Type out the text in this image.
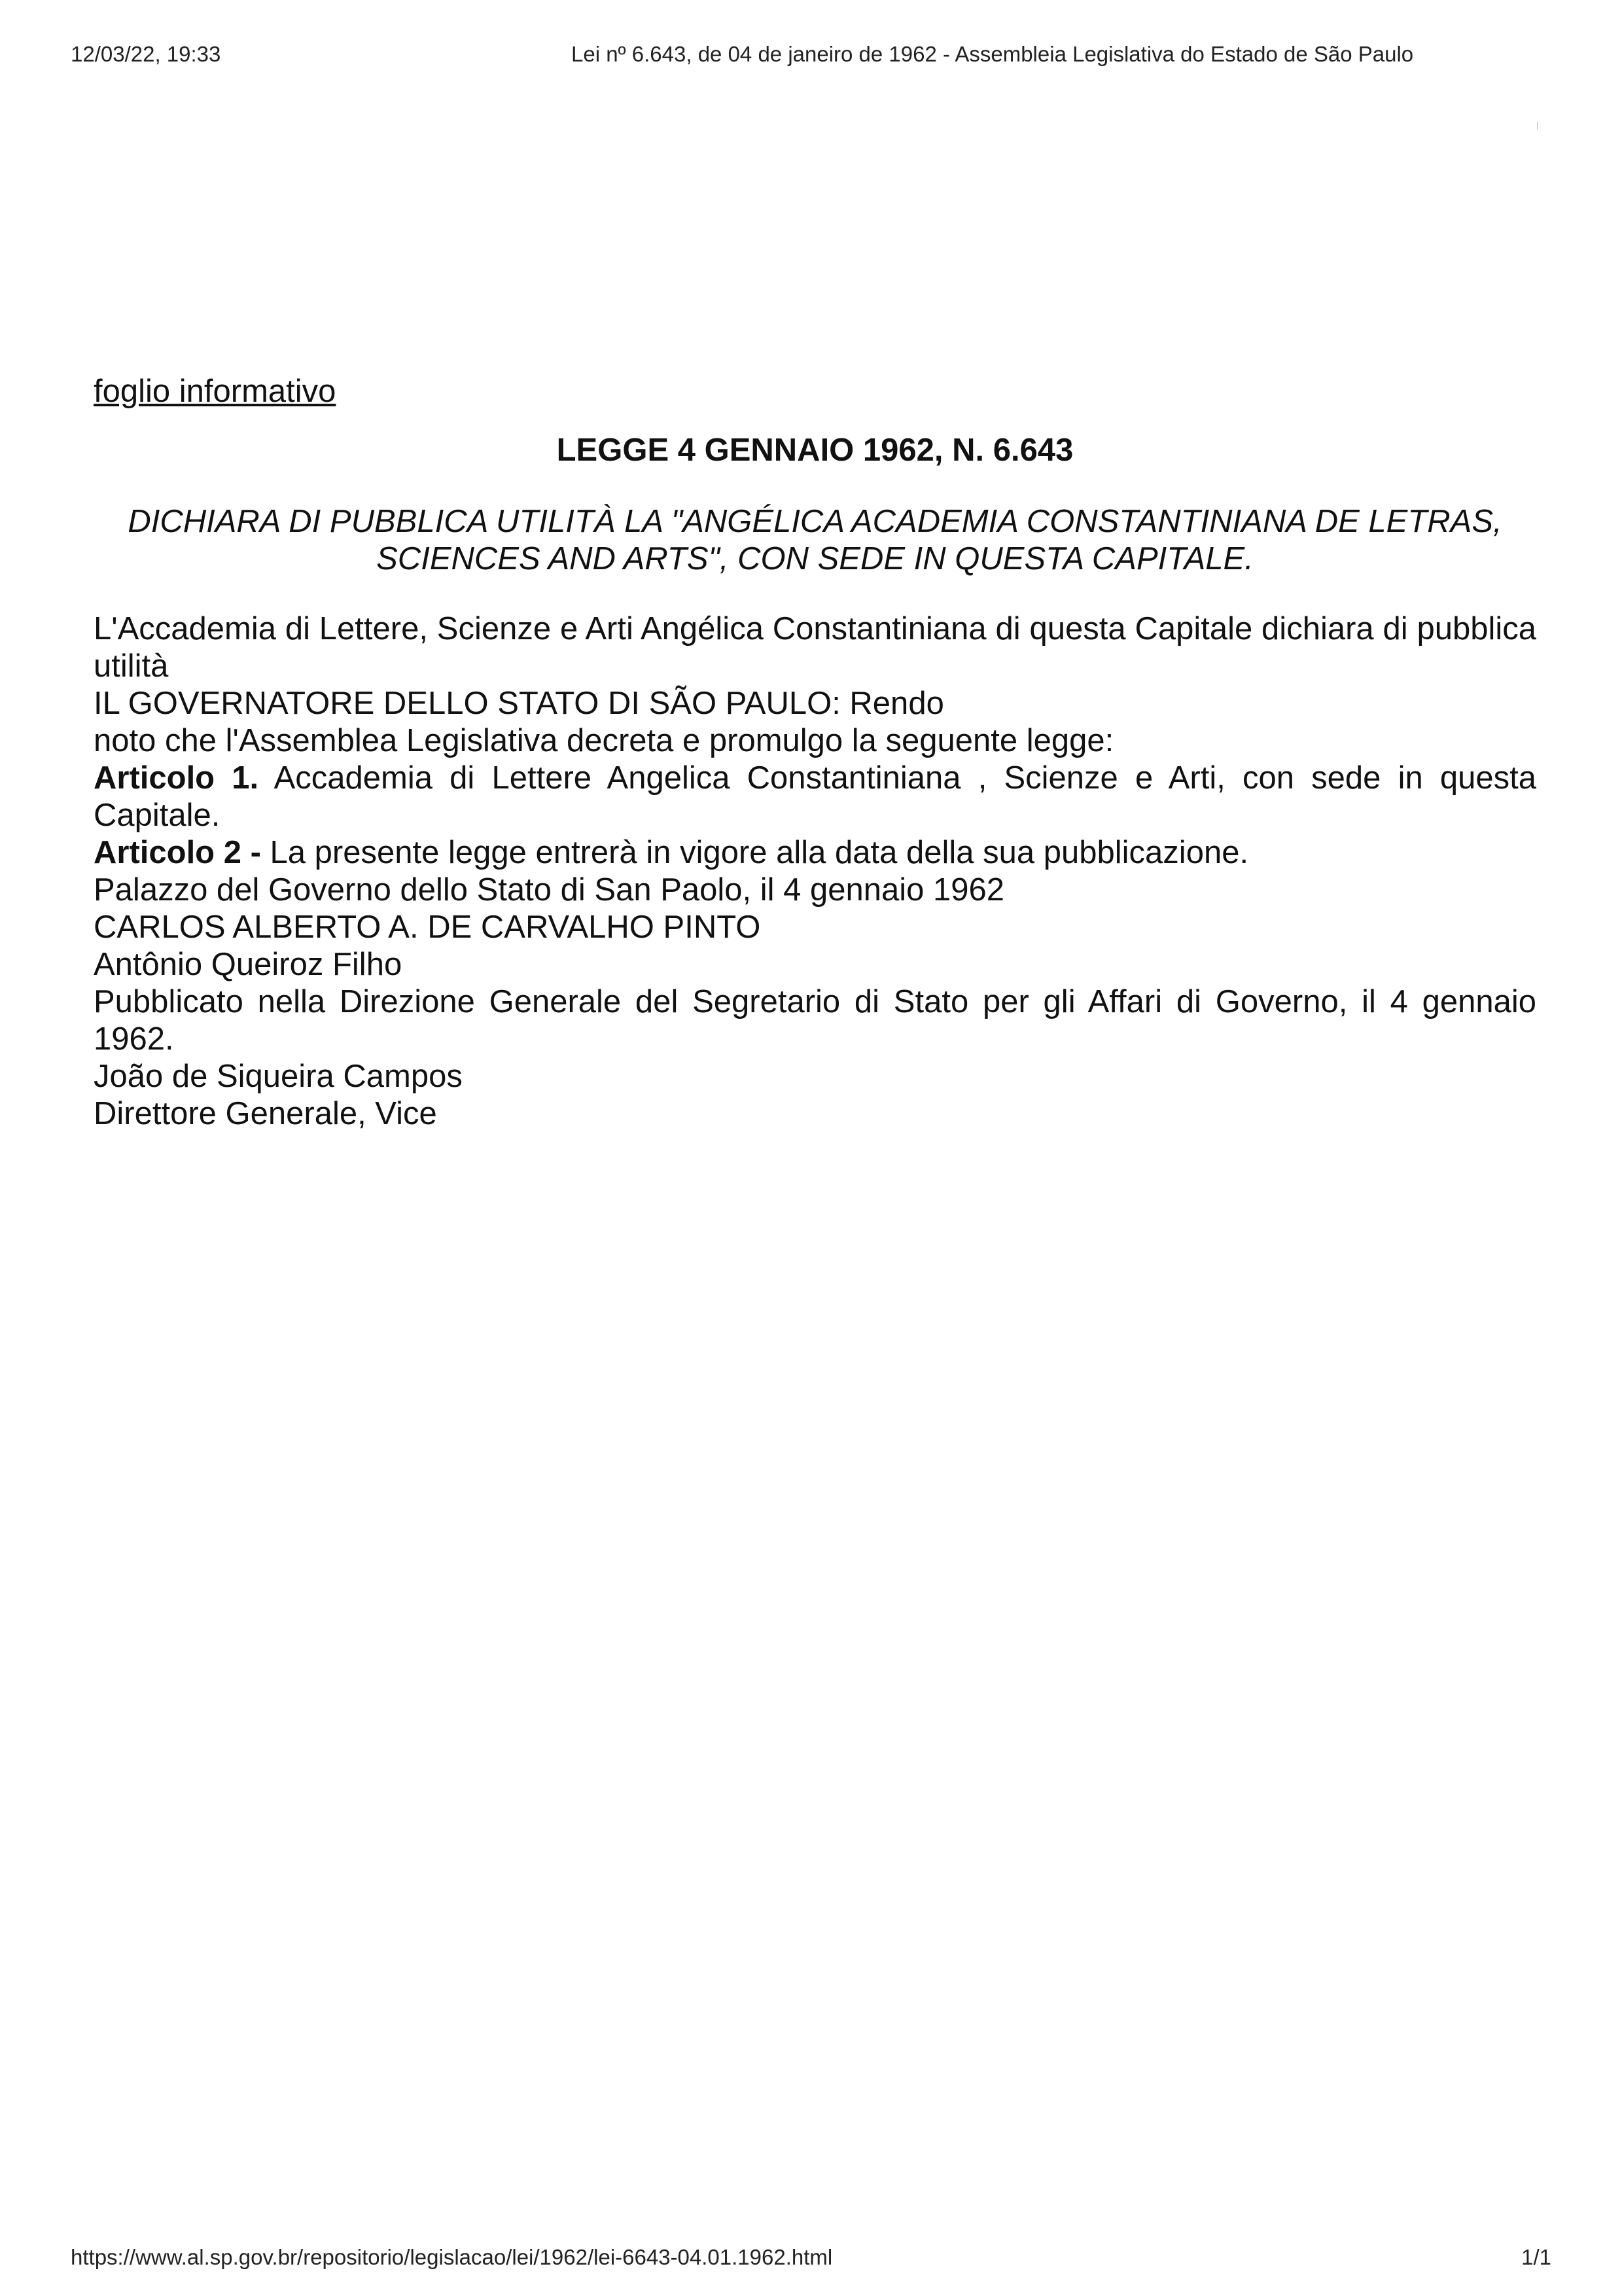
12/03/22, 19:33	Lei nº 6.643, de 04 de janeiro de 1962 - Assembleia Legislativa do Estado de São Paulo
foglio informativo
LEGGE 4 GENNAIO 1962, N. 6.643
DICHIARA DI PUBBLICA UTILITÀ LA "ANGÉLICA ACADEMIA CONSTANTINIANA DE LETRAS, SCIENCES AND ARTS", CON SEDE IN QUESTA CAPITALE.
L'Accademia di Lettere, Scienze e Arti Angélica Constantiniana di questa Capitale dichiara di pubblica utilità
IL GOVERNATORE DELLO STATO DI SÃO PAULO: Rendo
noto che l'Assemblea Legislativa decreta e promulgo la seguente legge:
Articolo 1. Accademia di Lettere Angelica Constantiniana , Scienze e Arti, con sede in questa Capitale.
Articolo 2 - La presente legge entrerà in vigore alla data della sua pubblicazione.
Palazzo del Governo dello Stato di San Paolo, il 4 gennaio 1962
CARLOS ALBERTO A. DE CARVALHO PINTO
Antônio Queiroz Filho
Pubblicato nella Direzione Generale del Segretario di Stato per gli Affari di Governo, il 4 gennaio 1962.
João de Siqueira Campos
Direttore Generale, Vice
https://www.al.sp.gov.br/repositorio/legislacao/lei/1962/lei-6643-04.01.1962.html	1/1
